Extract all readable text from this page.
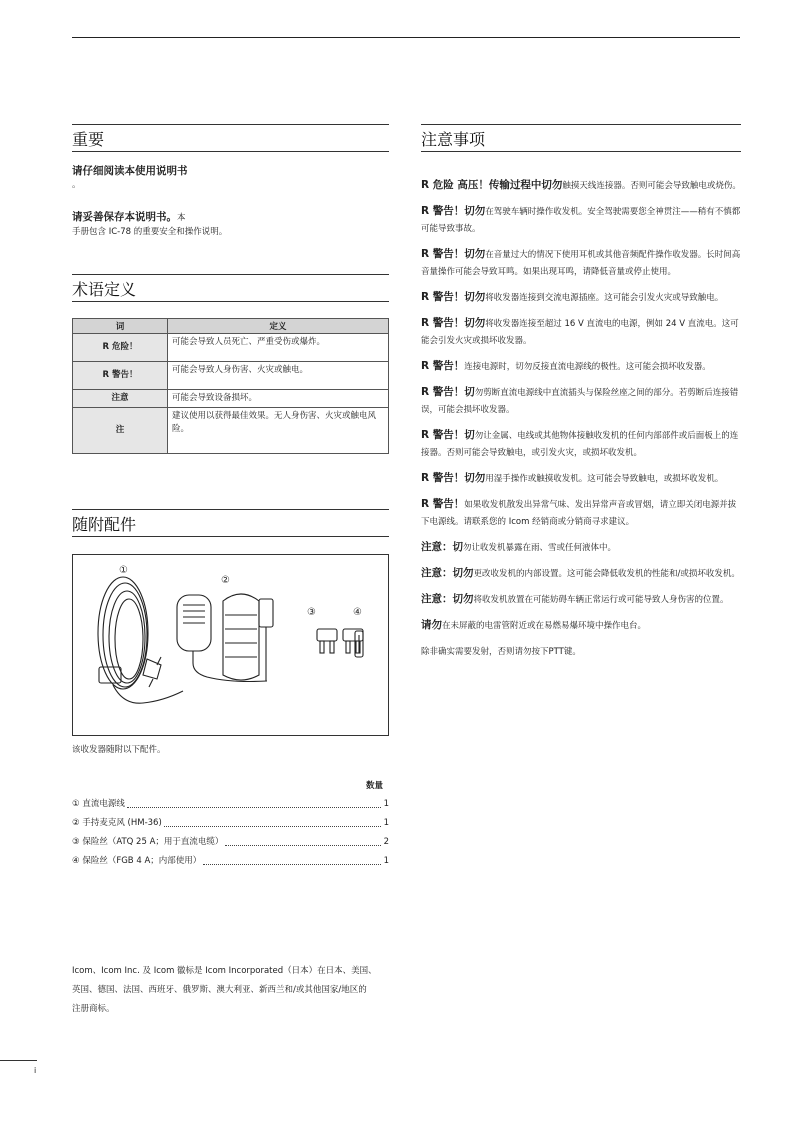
重要

请仔细阅读本使用说明书

。

请妥善保存本说明书。本

手册包含 IC-78 的重要安全和操作说明。

术语定义
词	定义
R 危险！	可能会导致人员死亡、严重受伤或爆炸。
R 警告！	可能会导致人身伤害、火灾或触电。
注意	可能会导致设备损坏。
注	建议使用以获得最佳效果。无人身伤害、火灾或触电风险。
随附配件
①
②
③	④

该收发器随附以下配件。

数量
① 直流电源线	1
② 手持麦克风 (HM-36)	1
③ 保险丝（ATQ 25 A；用于直流电缆）	2
④ 保险丝（FGB 4 A；内部使用）	1
Icom、Icom Inc. 及 Icom 徽标是 Icom Incorporated（日本）在日本、美国、
英国、德国、法国、西班牙、俄罗斯、澳大利亚、新西兰和/或其他国家/地区的
注册商标。
注意事项

R 危险 高压！传输过程中切勿触摸天线连接器。否则可能会导致触电或烧伤。

R 警告！切勿在驾驶车辆时操作收发机。安全驾驶需要您全神贯注——稍有不慎都可能导致事故。

R 警告！切勿在音量过大的情况下使用耳机或其他音频配件操作收发器。长时间高音量操作可能会导致耳鸣。如果出现耳鸣，请降低音量或停止使用。

R 警告！切勿将收发器连接到交流电源插座。这可能会引发火灾或导致触电。

R 警告！切勿将收发器连接至超过 16 V 直流电的电源，例如 24 V 直流电。这可能会引发火灾或损坏收发器。

R 警告！连接电源时，切勿反接直流电源线的极性。这可能会损坏收发器。

R 警告！切勿剪断直流电源线中直流插头与保险丝座之间的部分。若剪断后连接错误，可能会损坏收发器。

R 警告！切勿让金属、电线或其他物体接触收发机的任何内部部件或后面板上的连接器。否则可能会导致触电，或引发火灾，或损坏收发机。

R 警告！切勿用湿手操作或触摸收发机。这可能会导致触电，或损坏收发机。

R 警告！如果收发机散发出异常气味、发出异常声音或冒烟，请立即关闭电源并拔下电源线。请联系您的 Icom 经销商或分销商寻求建议。

注意：切勿让收发机暴露在雨、雪或任何液体中。

注意：切勿更改收发机的内部设置。这可能会降低收发机的性能和/或损坏收发机。

注意：切勿将收发机放置在可能妨碍车辆正常运行或可能导致人身伤害的位置。

请勿在未屏蔽的电雷管附近或在易燃易爆环境中操作电台。

除非确实需要发射，否则请勿按下PTT键。

i
